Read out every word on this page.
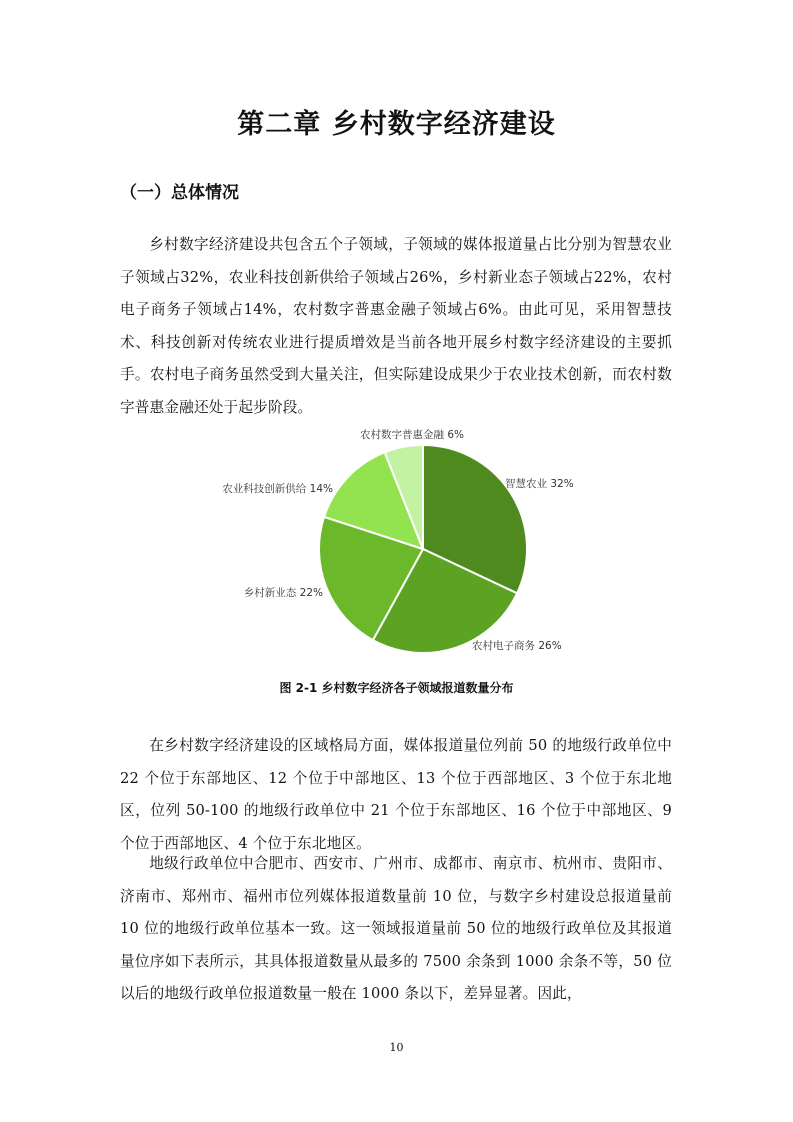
第二章 乡村数字经济建设
（一）总体情况

乡村数字经济建设共包含五个子领域，子领域的媒体报道量占比分别为智慧农业子领域占32%，农业科技创新供给子领域占26%，乡村新业态子领域占22%，农村电子商务子领域占14%，农村数字普惠金融子领域占6%。由此可见，采用智慧技术、科技创新对传统农业进行提质增效是当前各地开展乡村数字经济建设的主要抓手。农村电子商务虽然受到大量关注，但实际建设成果少于农业技术创新，而农村数字普惠金融还处于起步阶段。

智慧农业 32%
农村电子商务 26%
乡村新业态 22%
农业科技创新供给 14%
农村数字普惠金融 6%

图 2-1 乡村数字经济各子领域报道数量分布

在乡村数字经济建设的区域格局方面，媒体报道量位列前 50 的地级行政单位中 22 个位于东部地区、12 个位于中部地区、13 个位于西部地区、3 个位于东北地区，位列 50-100 的地级行政单位中 21 个位于东部地区、16 个位于中部地区、9 个位于西部地区、4 个位于东北地区。

地级行政单位中合肥市、西安市、广州市、成都市、南京市、杭州市、贵阳市、济南市、郑州市、福州市位列媒体报道数量前 10 位，与数字乡村建设总报道量前 10 位的地级行政单位基本一致。这一领域报道量前 50 位的地级行政单位及其报道量位序如下表所示，其具体报道数量从最多的 7500 余条到 1000 余条不等，50 位以后的地级行政单位报道数量一般在 1000 条以下，差异显著。因此，

10
